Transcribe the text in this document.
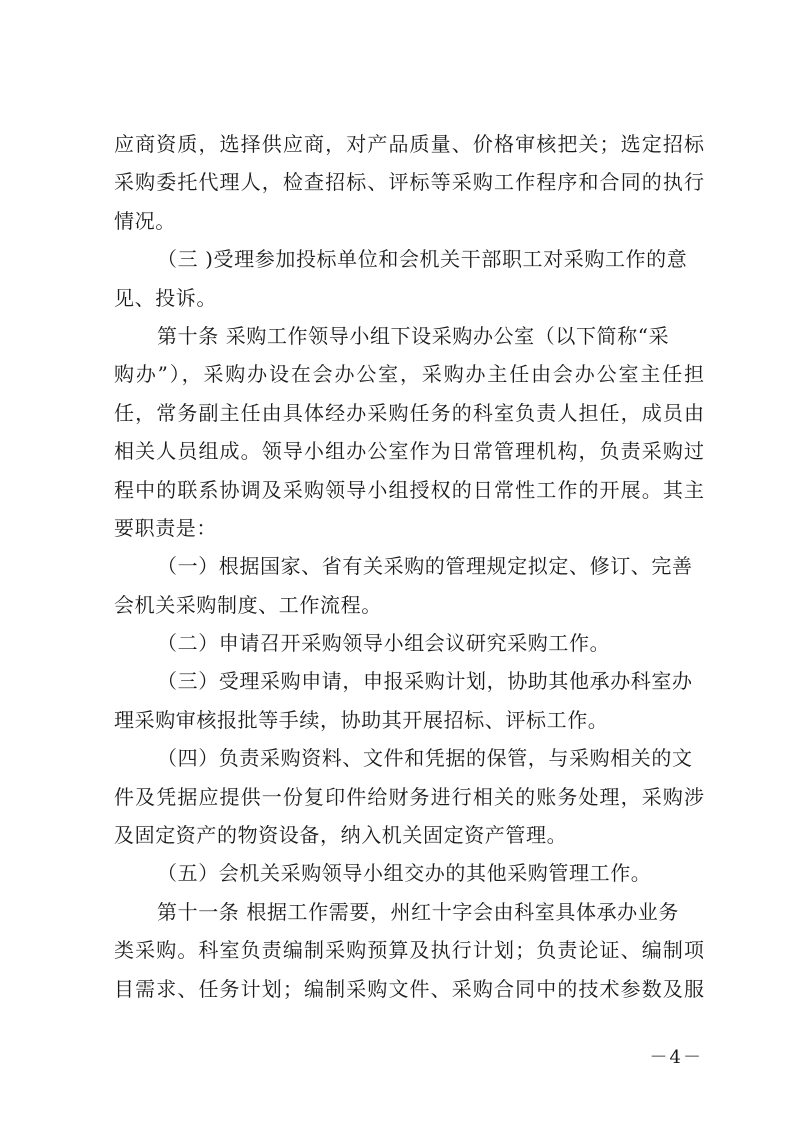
应商资质，选择供应商，对产品质量、价格审核把关；选定招标
采购委托代理人，检查招标、评标等采购工作程序和合同的执行
情况。
（三 )受理参加投标单位和会机关干部职工对采购工作的意
见、投诉。
第十条 采购工作领导小组下设采购办公室（以下简称“采
购办”），采购办设在会办公室，采购办主任由会办公室主任担
任，常务副主任由具体经办采购任务的科室负责人担任，成员由
相关人员组成。领导小组办公室作为日常管理机构，负责采购过
程中的联系协调及采购领导小组授权的日常性工作的开展。其主
要职责是：
（一）根据国家、省有关采购的管理规定拟定、修订、完善
会机关采购制度、工作流程。
（二）申请召开采购领导小组会议研究采购工作。
（三）受理采购申请，申报采购计划，协助其他承办科室办
理采购审核报批等手续，协助其开展招标、评标工作。
（四）负责采购资料、文件和凭据的保管，与采购相关的文
件及凭据应提供一份复印件给财务进行相关的账务处理，采购涉
及固定资产的物资设备，纳入机关固定资产管理。
（五）会机关采购领导小组交办的其他采购管理工作。
第十一条 根据工作需要，州红十字会由科室具体承办业务
类采购。科室负责编制采购预算及执行计划；负责论证、编制项
目需求、任务计划；编制采购文件、采购合同中的技术参数及服
－4－
